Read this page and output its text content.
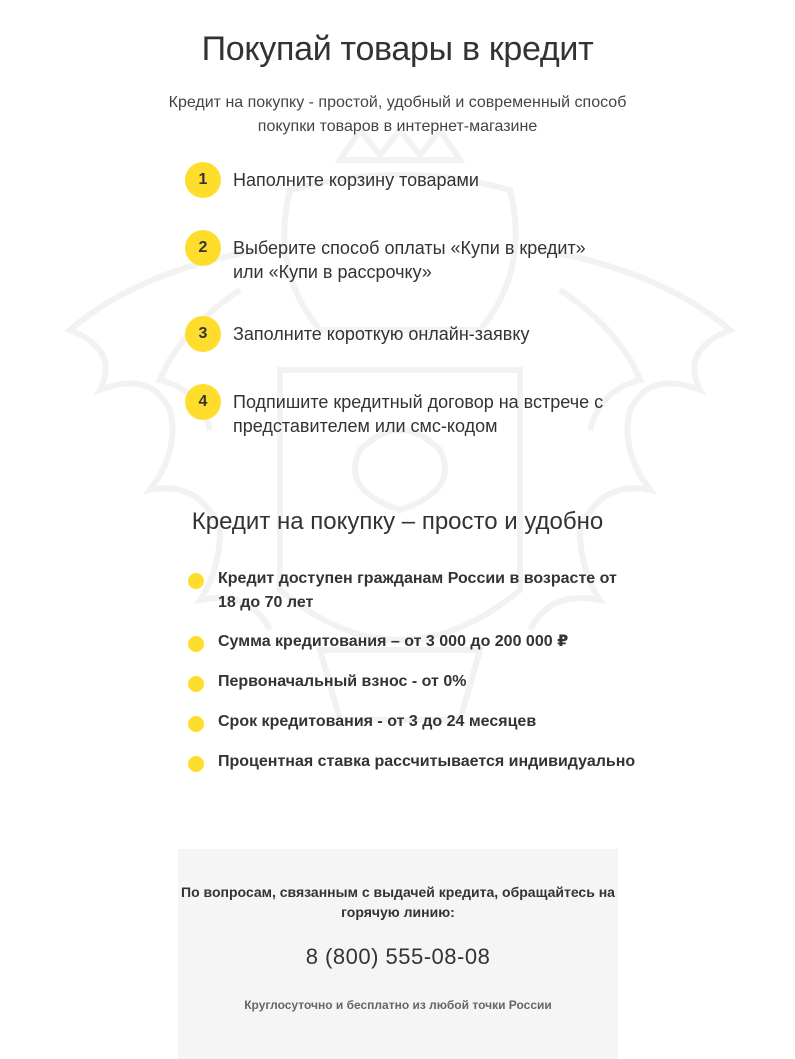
Покупай товары в кредит

Кредит на покупку - простой, удобный и современный способ покупки товаров в интернет-магазине

1	Наполните корзину товарами
2	Выберите способ оплаты «Купи в кредит» или «Купи в рассрочку»
3	Заполните короткую онлайн-заявку
4	Подпишите кредитный договор на встрече с представителем или смс-кодом
Кредит на покупку – просто и удобно
Кредит доступен гражданам России в возрасте от 18 до 70 лет
Сумма кредитования – от 3 000 до 200 000 ₽
Первоначальный взнос - от 0%
Срок кредитования - от 3 до 24 месяцев
Процентная ставка рассчитывается индивидуально
По вопросам, связанным с выдачей кредита, обращайтесь на горячую линию:
8 (800) 555-08-08
Круглосуточно и бесплатно из любой точки России
